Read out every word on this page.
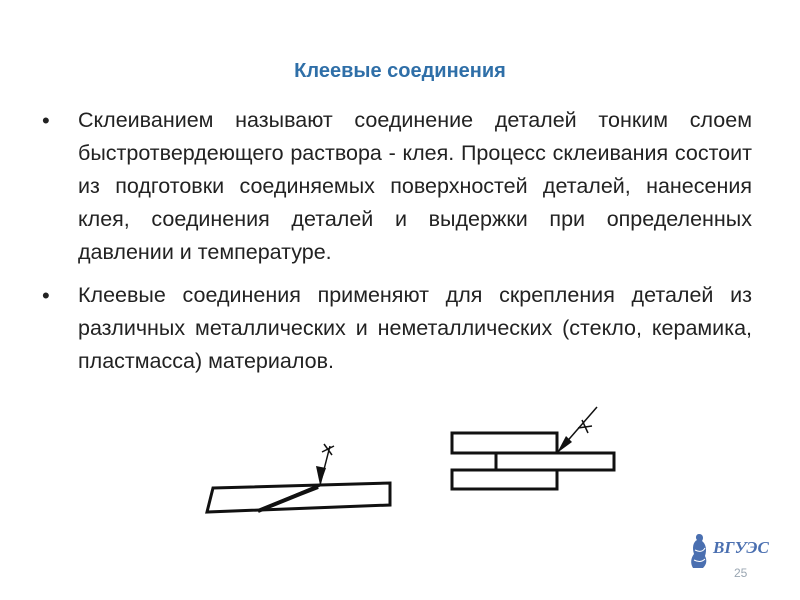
Клеевые соединения
• Склеиванием называют соединение деталей тонким слоем быстротвердеющего раствора - клея. Процесс склеивания состоит из подготовки соединяемых поверхностей деталей, нанесения клея, соединения деталей и выдержки при определенных давлении и температуре.
• Клеевые соединения применяют для скрепления деталей из различных металлических и неметаллических (стекло, керамика, пластмасса) материалов.
ВГУЭС
25
